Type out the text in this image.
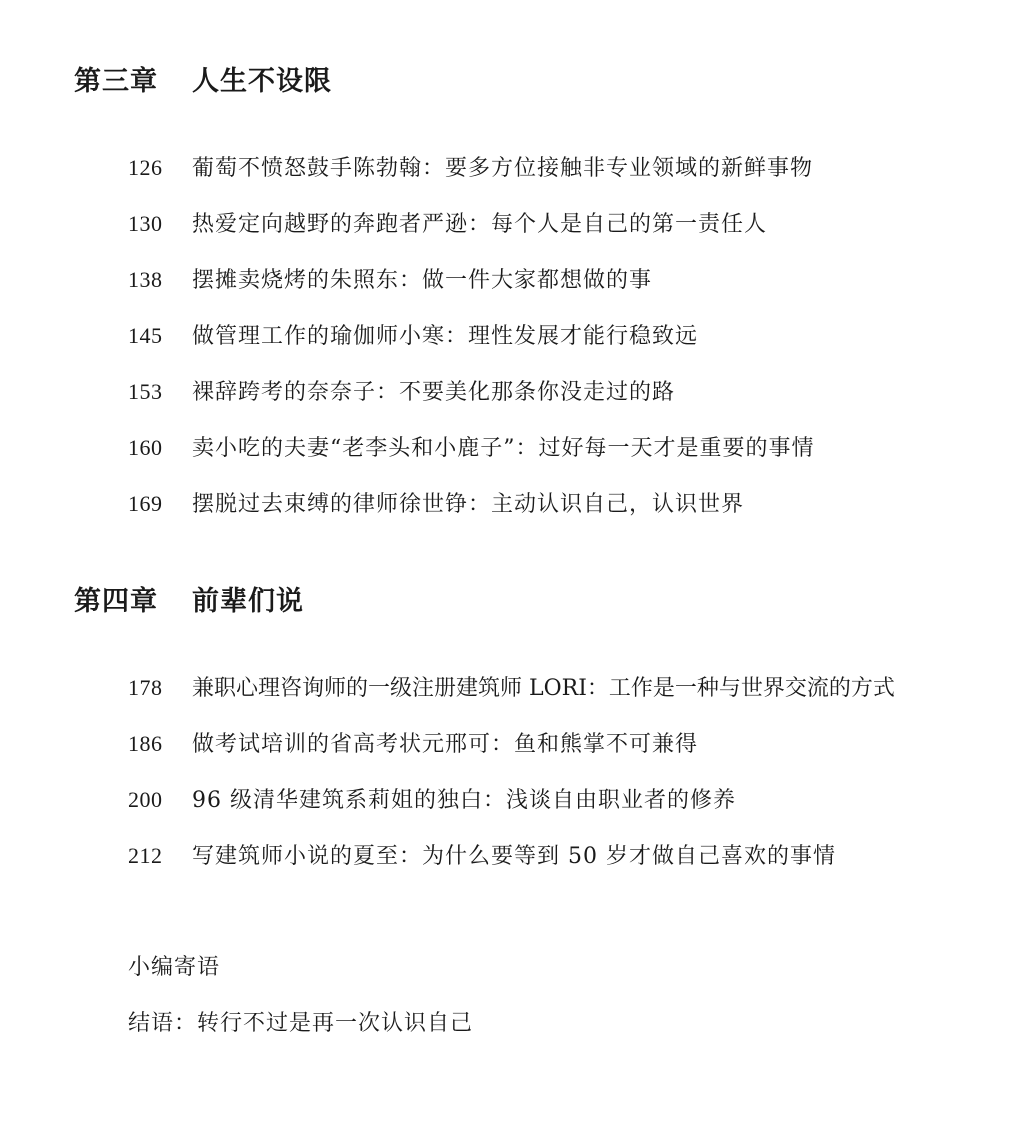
第三章 人生不设限
126 葡萄不愤怒鼓手陈勃翰：要多方位接触非专业领域的新鲜事物
130 热爱定向越野的奔跑者严逊：每个人是自己的第一责任人
138 摆摊卖烧烤的朱照东：做一件大家都想做的事
145 做管理工作的瑜伽师小寒：理性发展才能行稳致远
153 裸辞跨考的奈奈子：不要美化那条你没走过的路
160 卖小吃的夫妻“老李头和小鹿子”：过好每一天才是重要的事情
169 摆脱过去束缚的律师徐世铮：主动认识自己，认识世界
第四章 前辈们说
178 兼职心理咨询师的一级注册建筑师 LORI：工作是一种与世界交流的方式
186 做考试培训的省高考状元邢可：鱼和熊掌不可兼得
200 96 级清华建筑系莉姐的独白：浅谈自由职业者的修养
212 写建筑师小说的夏至：为什么要等到 50 岁才做自己喜欢的事情
小编寄语
结语：转行不过是再一次认识自己
